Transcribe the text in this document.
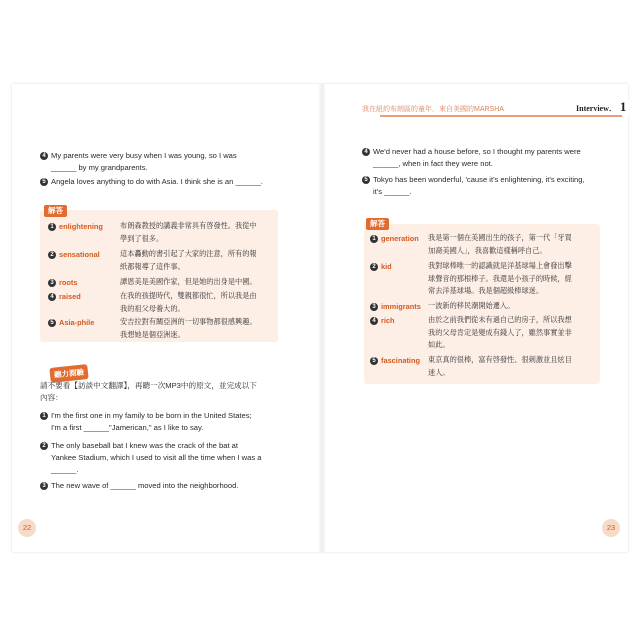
我在紐約布朗區的童年．來自美國的MARSHA	Interview． 1
4 My parents were very busy when I was young, so I was
______ by my grandparents.
5 Angela loves anything to do with Asia. I think she is an ______.
解答
1 enlightening 布朗森教授的講義非常具有啓發性。我從中
學到了很多。
2 sensational	這本轟動的書引起了大家的注意，所有的報
紙都報導了這件事。
3 roots	譚恩美是美國作家，但是她的出身是中國。
4 raised	在我的孩提時代，雙親都很忙，所以我是由
我的祖父母養大的。
5 Asia-phile	安吉拉對有關亞洲的一切事物都很感興趣。
我想她是個亞洲迷。
聽力測驗
請不要看【訪談中文翻譯】，再聽一次MP3中的原文，並完成以下
內容：
1 I'm the first one in my family to be born in the United States;
I'm a first ______"Jamerican," as I like to say.
2 The only baseball bat I knew was the crack of the bat at
Yankee Stadium, which I used to visit all the time when I was a
______.
3 The new wave of ______ moved into the neighborhood.
22
4 We'd never had a house before, so I thought my parents were
______, when in fact they were not.
5 Tokyo has been wonderful, 'cause it's enlightening, it's exciting,
it's ______.
解答
1 generation 我是第一個在美國出生的孩子，第一代「牙買
加裔美國人」，我喜歡這樣稱呼自己。
2 kid	我對球棒唯一的認識就是洋基球場上會發出擊
球聲音的那根棒子。我還是小孩子的時候，經
常去洋基球場。我是個超級棒球迷。
3 immigrants 一波新的移民潮開始遷入。
4 rich	由於之前我們從未有過自己的房子，所以我想
我的父母肯定是變成有錢人了，雖然事實並非
如此。
5 fascinating 東京真的很棒，富有啓發性、很刺激並且炫目
迷人。
23
